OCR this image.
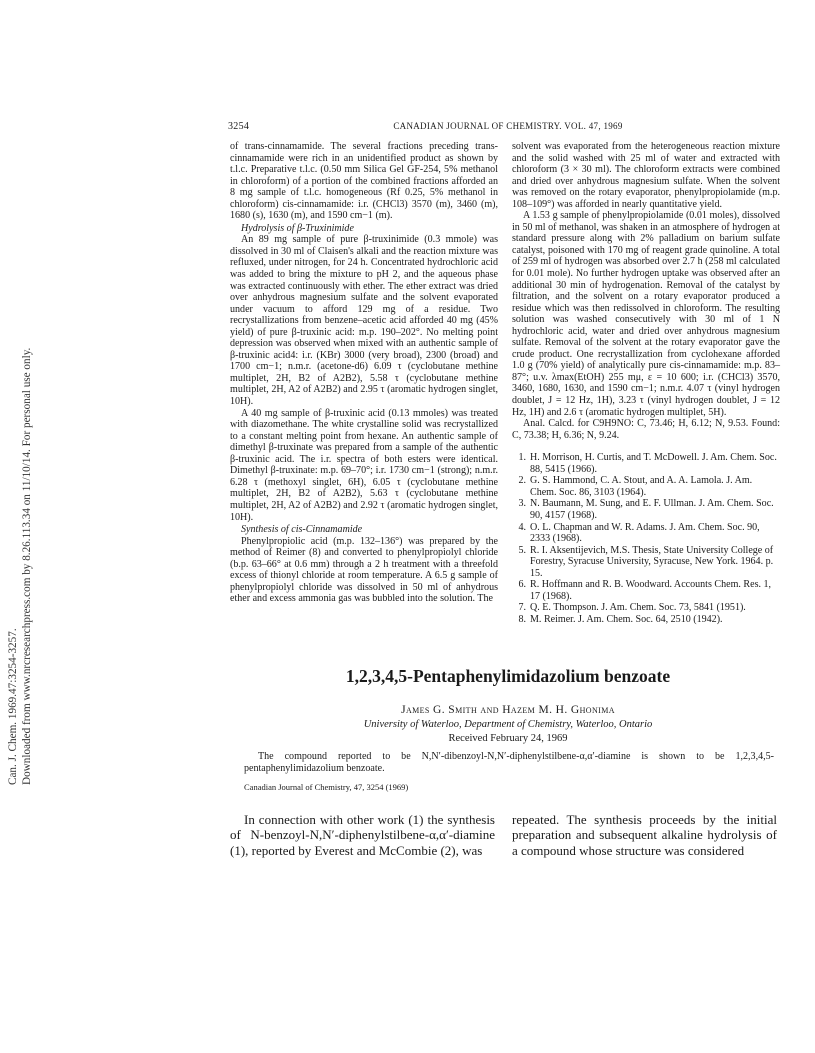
Can. J. Chem. 1969.47:3254-3257. Downloaded from www.nrcresearchpress.com by 8.26.113.34 on 11/10/14. For personal use only.
3254	CANADIAN JOURNAL OF CHEMISTRY. VOL. 47, 1969

of trans-cinnamamide. The several fractions preceding trans-cinnamamide were rich in an unidentified product as shown by t.l.c. Preparative t.l.c. (0.50 mm Silica Gel GF-254, 5% methanol in chloroform) of a portion of the combined fractions afforded an 8 mg sample of t.l.c. homogeneous (Rf 0.25, 5% methanol in chloroform) cis-cinnamamide: i.r. (CHCl3) 3570 (m), 3460 (m), 1680 (s), 1630 (m), and 1590 cm−1 (m).

Hydrolysis of β-Truxinimide

An 89 mg sample of pure β-truxinimide (0.3 mmole) was dissolved in 30 ml of Claisen's alkali and the reaction mixture was refluxed, under nitrogen, for 24 h. Concentrated hydrochloric acid was added to bring the mixture to pH 2, and the aqueous phase was extracted continuously with ether. The ether extract was dried over anhydrous magnesium sulfate and the solvent evaporated under vacuum to afford 129 mg of a residue. Two recrystallizations from benzene–acetic acid afforded 40 mg (45% yield) of pure β-truxinic acid: m.p. 190–202°. No melting point depression was observed when mixed with an authentic sample of β-truxinic acid4: i.r. (KBr) 3000 (very broad), 2300 (broad) and 1700 cm−1; n.m.r. (acetone-d6) 6.09 τ (cyclobutane methine multiplet, 2H, B2 of A2B2), 5.58 τ (cyclobutane methine multiplet, 2H, A2 of A2B2) and 2.95 τ (aromatic hydrogen singlet, 10H).

A 40 mg sample of β-truxinic acid (0.13 mmoles) was treated with diazomethane. The white crystalline solid was recrystallized to a constant melting point from hexane. An authentic sample of dimethyl β-truxinate was prepared from a sample of the authentic β-truxinic acid. The i.r. spectra of both esters were identical. Dimethyl β-truxinate: m.p. 69–70°; i.r. 1730 cm−1 (strong); n.m.r. 6.28 τ (methoxyl singlet, 6H), 6.05 τ (cyclobutane methine multiplet, 2H, B2 of A2B2), 5.63 τ (cyclobutane methine multiplet, 2H, A2 of A2B2) and 2.92 τ (aromatic hydrogen singlet, 10H).

Synthesis of cis-Cinnamamide

Phenylpropiolic acid (m.p. 132–136°) was prepared by the method of Reimer (8) and converted to phenylpropiolyl chloride (b.p. 63–66° at 0.6 mm) through a 2 h treatment with a threefold excess of thionyl chloride at room temperature. A 6.5 g sample of phenylpropiolyl chloride was dissolved in 50 ml of anhydrous ether and excess ammonia gas was bubbled into the solution. The

solvent was evaporated from the heterogeneous reaction mixture and the solid washed with 25 ml of water and extracted with chloroform (3 × 30 ml). The chloroform extracts were combined and dried over anhydrous magnesium sulfate. When the solvent was removed on the rotary evaporator, phenylpropiolamide (m.p. 108–109°) was afforded in nearly quantitative yield.

A 1.53 g sample of phenylpropiolamide (0.01 moles), dissolved in 50 ml of methanol, was shaken in an atmosphere of hydrogen at standard pressure along with 2% palladium on barium sulfate catalyst, poisoned with 170 mg of reagent grade quinoline. A total of 259 ml of hydrogen was absorbed over 2.7 h (258 ml calculated for 0.01 mole). No further hydrogen uptake was observed after an additional 30 min of hydrogenation. Removal of the catalyst by filtration, and the solvent on a rotary evaporator produced a residue which was then redissolved in chloroform. The resulting solution was washed consecutively with 30 ml of 1 N hydrochloric acid, water and dried over anhydrous magnesium sulfate. Removal of the solvent at the rotary evaporator gave the crude product. One recrystallization from cyclohexane afforded 1.0 g (70% yield) of analytically pure cis-cinnamamide: m.p. 83–87°; u.v. λmax(EtOH) 255 mμ, ε = 10 600; i.r. (CHCl3) 3570, 3460, 1680, 1630, and 1590 cm−1; n.m.r. 4.07 τ (vinyl hydrogen doublet, J = 12 Hz, 1H), 3.23 τ (vinyl hydrogen doublet, J = 12 Hz, 1H) and 2.6 τ (aromatic hydrogen multiplet, 5H).

Anal. Calcd. for C9H9NO: C, 73.46; H, 6.12; N, 9.53. Found: C, 73.38; H, 6.36; N, 9.24.

1. H. Morrison, H. Curtis, and T. McDowell. J. Am. Chem. Soc. 88, 5415 (1966).
2. G. S. Hammond, C. A. Stout, and A. A. Lamola. J. Am. Chem. Soc. 86, 3103 (1964).
3. N. Baumann, M. Sung, and E. F. Ullman. J. Am. Chem. Soc. 90, 4157 (1968).
4. O. L. Chapman and W. R. Adams. J. Am. Chem. Soc. 90, 2333 (1968).
5. R. I. Aksentijevich, M.S. Thesis, State University College of Forestry, Syracuse University, Syracuse, New York. 1964. p. 15.
6. R. Hoffmann and R. B. Woodward. Accounts Chem. Res. 1, 17 (1968).
7. Q. E. Thompson. J. Am. Chem. Soc. 73, 5841 (1951).
8. M. Reimer. J. Am. Chem. Soc. 64, 2510 (1942).
1,2,3,4,5-Pentaphenylimidazolium benzoate
James G. Smith and Hazem M. H. Ghonima
University of Waterloo, Department of Chemistry, Waterloo, Ontario
Received February 24, 1969

The compound reported to be N,N′-dibenzoyl-N,N′-diphenylstilbene-α,α′-diamine is shown to be 1,2,3,4,5-pentaphenylimidazolium benzoate.

Canadian Journal of Chemistry, 47, 3254 (1969)

In connection with other work (1) the synthesis of N-benzoyl-N,N′-diphenylstilbene-α,α′-diamine (1), reported by Everest and McCombie (2), was

repeated. The synthesis proceeds by the initial preparation and subsequent alkaline hydrolysis of a compound whose structure was considered
